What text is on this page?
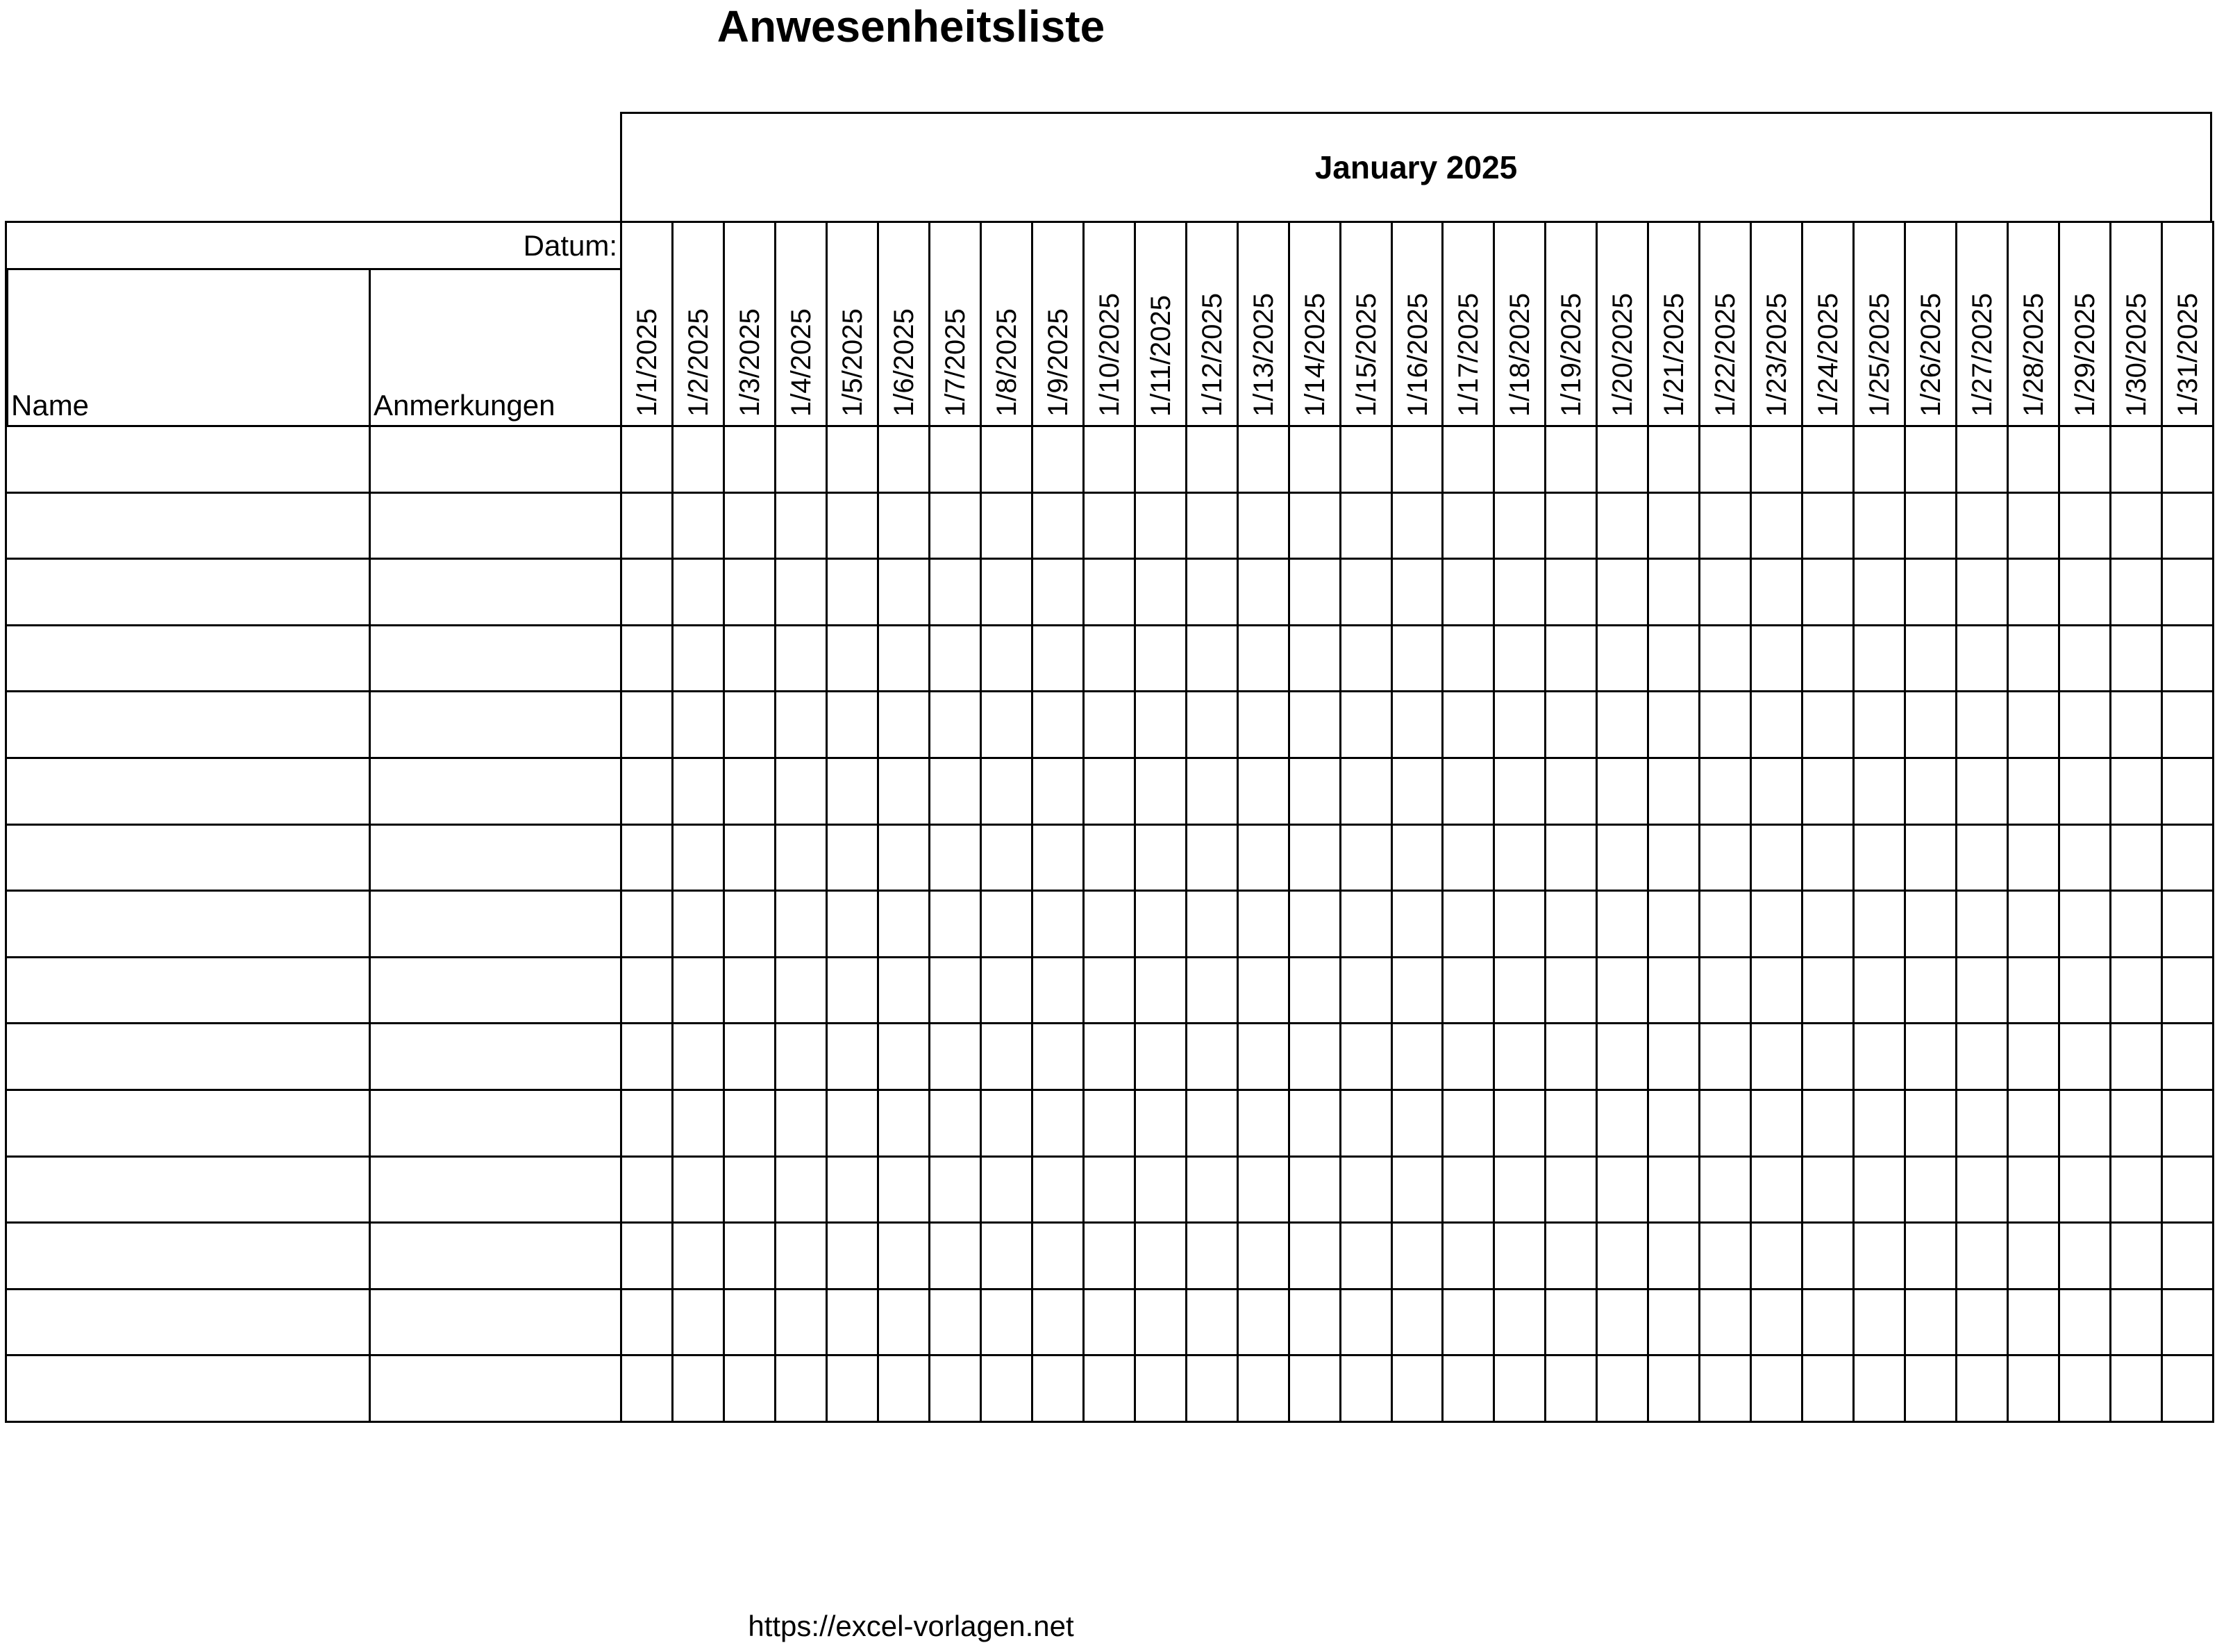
Anwesenheitsliste
January 2025
Datum:
Name	Anmerkungen	1/1/2025 1/2/2025 1/3/2025 1/4/2025 1/5/2025 1/6/2025 1/7/2025 1/8/2025 1/9/2025 1/10/2025 1/11/2025 1/12/2025 1/13/2025 1/14/2025 1/15/2025 1/16/2025 1/17/2025 1/18/2025 1/19/2025 1/20/2025 1/21/2025 1/22/2025 1/23/2025 1/24/2025 1/25/2025 1/26/2025 1/27/2025 1/28/2025 1/29/2025 1/30/2025 1/31/2025
https://excel-vorlagen.net
